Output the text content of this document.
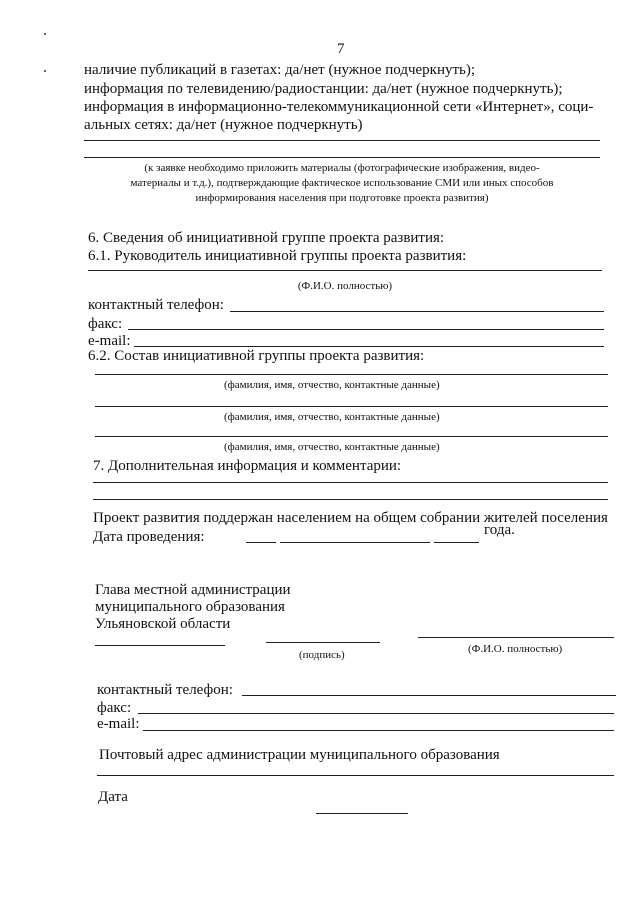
7
наличие публикаций в газетах: да/нет (нужное подчеркнуть);
информация по телевидению/радиостанции: да/нет (нужное подчеркнуть);
информация в информационно-телекоммуникационной сети «Интернет», соци-
альных сетях: да/нет (нужное подчеркнуть)
(к заявке необходимо приложить материалы (фотографические изображения, видео-
материалы и т.д.), подтверждающие фактическое использование СМИ или иных способов
информирования населения при подготовке проекта развития)
6. Сведения об инициативной группе проекта развития:
6.1. Руководитель инициативной группы проекта развития:
(Ф.И.О. полностью)
контактный телефон:
факс:
e-mail:
6.2. Состав инициативной группы проекта развития:
(фамилия, имя, отчество, контактные данные)
(фамилия, имя, отчество, контактные данные)
(фамилия, имя, отчество, контактные данные)
7. Дополнительная информация и комментарии:
Проект развития поддержан населением на общем собрании жителей поселения
Дата проведения:	года.
Глава местной администрации
муниципального образования
Ульяновской области
(подпись)	(Ф.И.О. полностью)
контактный телефон:
факс:
e-mail:
Почтовый адрес администрации муниципального образования
Дата
